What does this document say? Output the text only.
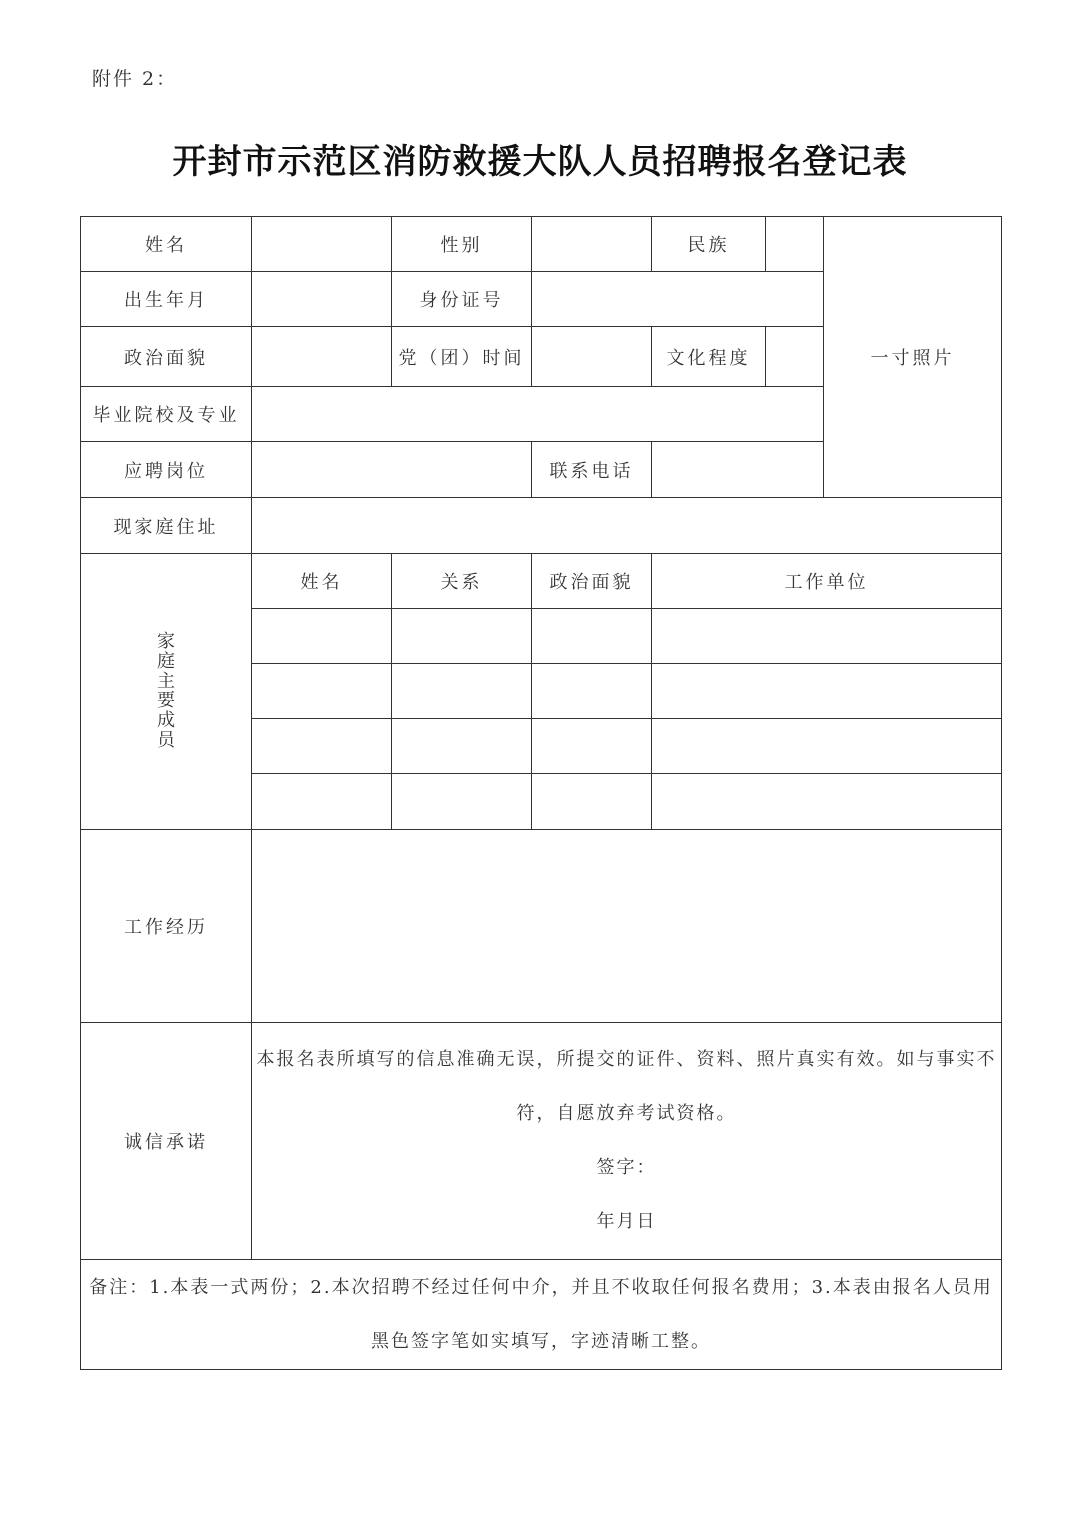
附件 2：
开封市示范区消防救援大队人员招聘报名登记表
姓名		性别		民族		一寸照片
出生年月		身份证号				
政治面貌		党（团）时间		文化程度		
毕业院校及专业						
应聘岗位			联系电话			
现家庭住址						
家庭主要成员	姓名	关系	政治面貌	工作单位		

工作经历						
诚信承诺	本报名表所填写的信息准确无误，所提交的证件、资料、照片真实有效。如与事实不符，自愿放弃考试资格。

签字：

年月日					

备注：1.本表一式两份；2.本次招聘不经过任何中介，并且不收取任何报名费用；3.本表由报名人员用黑色签字笔如实填写，字迹清晰工整。						
